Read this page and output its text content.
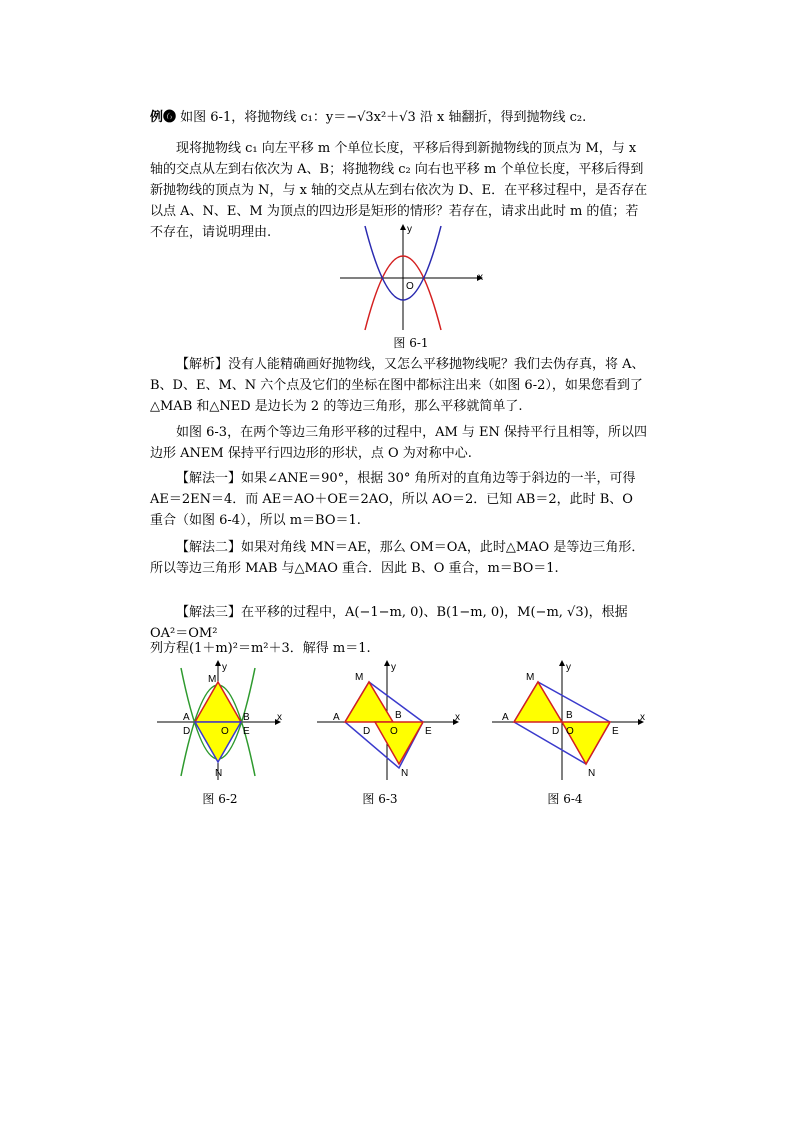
例❻ 如图 6-1，将抛物线 c₁：y＝−√3x²＋√3 沿 x 轴翻折，得到抛物线 c₂.
现将抛物线 c₁ 向左平移 m 个单位长度，平移后得到新抛物线的顶点为 M，与 x 轴的交点从左到右依次为 A、B；将抛物线 c₂ 向右也平移 m 个单位长度，平移后得到新抛物线的顶点为 N，与 x 轴的交点从左到右依次为 D、E．在平移过程中，是否存在以点 A、N、E、M 为顶点的四边形是矩形的情形？若存在，请求出此时 m 的值；若不存在，请说明理由.
x
y
O
图 6-1
【解析】没有人能精确画好抛物线，又怎么平移抛物线呢？我们去伪存真，将 A、B、D、E、M、N 六个点及它们的坐标在图中都标注出来（如图 6-2），如果您看到了△MAB 和△NED 是边长为 2 的等边三角形，那么平移就简单了.
如图 6-3，在两个等边三角形平移的过程中，AM 与 EN 保持平行且相等，所以四边形 ANEM 保持平行四边形的形状，点 O 为对称中心.
【解法一】如果∠ANE＝90°，根据 30° 角所对的直角边等于斜边的一半，可得 AE＝2EN＝4．而 AE＝AO＋OE＝2AO，所以 AO＝2．已知 AB＝2，此时 B、O 重合（如图 6-4），所以 m＝BO＝1.
【解法二】如果对角线 MN＝AE，那么 OM＝OA，此时△MAO 是等边三角形．所以等边三角形 MAB 与△MAO 重合．因此 B、O 重合，m＝BO＝1.
【解法三】在平移的过程中，A(−1−m, 0)、B(1−m, 0)，M(−m, √3)，根据 OA²＝OM²
列方程(1＋m)²＝m²＋3．解得 m＝1.
M
A	B
D	O E
N
x
y
图 6-2
M
A	B
D O	E
N
x
y
图 6-3
M
A	B
D O	E
N
x
y
图 6-4
